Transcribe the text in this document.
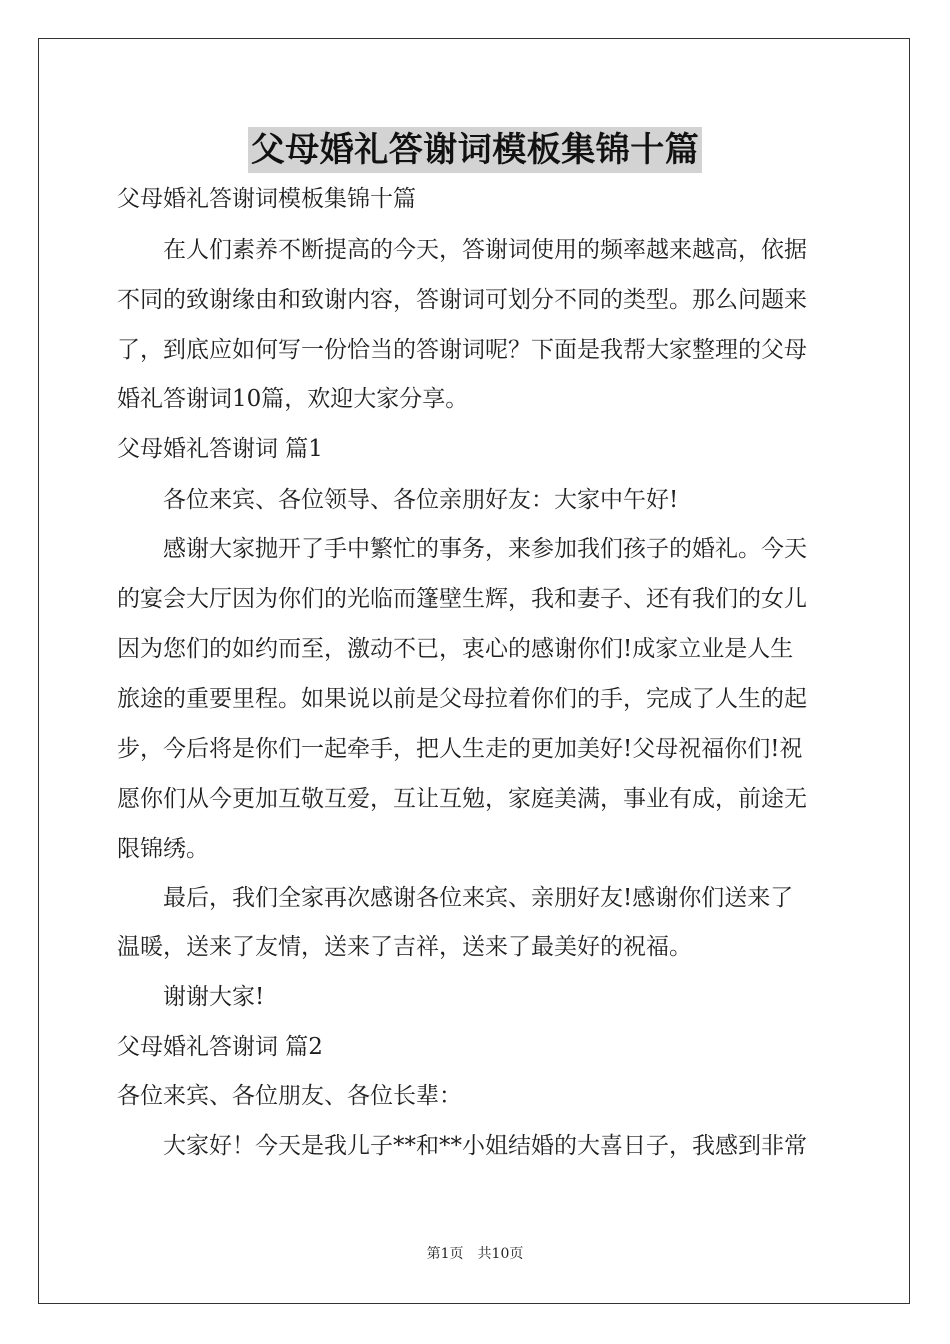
父母婚礼答谢词模板集锦十篇
父母婚礼答谢词模板集锦十篇
在人们素养不断提高的今天，答谢词使用的频率越来越高，依据
不同的致谢缘由和致谢内容，答谢词可划分不同的类型。那么问题来
了，到底应如何写一份恰当的答谢词呢？下面是我帮大家整理的父母
婚礼答谢词10篇，欢迎大家分享。
父母婚礼答谢词 篇1
各位来宾、各位领导、各位亲朋好友：大家中午好!
感谢大家抛开了手中繁忙的事务，来参加我们孩子的婚礼。今天
的宴会大厅因为你们的光临而篷壁生辉，我和妻子、还有我们的女儿
因为您们的如约而至，激动不已，衷心的感谢你们!成家立业是人生
旅途的重要里程。如果说以前是父母拉着你们的手，完成了人生的起
步，今后将是你们一起牵手，把人生走的更加美好!父母祝福你们!祝
愿你们从今更加互敬互爱，互让互勉，家庭美满，事业有成，前途无
限锦绣。
最后，我们全家再次感谢各位来宾、亲朋好友!感谢你们送来了
温暖，送来了友情，送来了吉祥，送来了最美好的祝福。
谢谢大家!
父母婚礼答谢词 篇2
各位来宾、各位朋友、各位长辈：
大家好！今天是我儿子**和**小姐结婚的大喜日子，我感到非常
第1页　共10页
